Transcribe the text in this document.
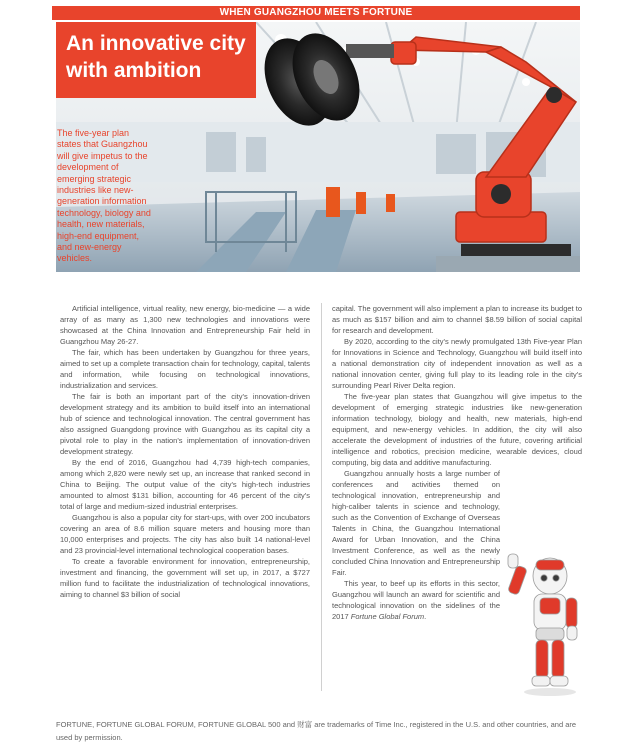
WHEN GUANGZHOU MEETS FORTUNE
An innovative city
with ambition
The five-year plan states that Guangzhou will give impetus to the development of emerging strategic industries like new-generation information technology, biology and health, new materials, high-end equipment, and new-energy vehicles.

Artificial intelligence, virtual reality, new energy, bio-medicine — a wide array of as many as 1,300 new technologies and innovations were showcased at the China Innovation and Entrepreneurship Fair held in Guangzhou May 26-27.

The fair, which has been undertaken by Guangzhou for three years, aimed to set up a complete transaction chain for technology, capital, talents and information, while focusing on technological innovations, industrialization and services.

The fair is both an important part of the city's innovation-driven development strategy and its ambition to build itself into an international hub of science and technological innovation. The central government has also assigned Guangdong province with Guangzhou as its capital city a pivotal role to play in the nation's implementation of innovation-driven development strategy.

By the end of 2016, Guangzhou had 4,739 high-tech companies, among which 2,820 were newly set up, an increase that ranked second in China to Beijing. The output value of the city's high-tech industries amounted to almost $131 billion, accounting for 46 percent of the city's total of large and medium-sized industrial enterprises.

Guangzhou is also a popular city for start-ups, with over 200 incubators covering an area of 8.6 million square meters and housing more than 10,000 enterprises and projects. The city has also built 14 national-level and 23 provincial-level international technological cooperation bases.

To create a favorable environment for innovation, entrepreneurship, investment and financing, the government will set up, in 2017, a $727 million fund to facilitate the industrialization of technological innovations, aiming to channel $3 billion of social

capital. The government will also implement a plan to increase its budget to as much as $157 billion and aim to channel $8.59 billion of social capital for research and development.

By 2020, according to the city's newly promulgated 13th Five-year Plan for Innovations in Science and Technology, Guangzhou will build itself into a national demonstration city of independent innovation as well as a national innovation center, giving full play to its leading role in the city's surrounding Pearl River Delta region.

The five-year plan states that Guangzhou will give impetus to the development of emerging strategic industries like new-generation information technology, biology and health, new materials, high-end equipment, and new-energy vehicles. In addition, the city will also accelerate the development of industries of the future, covering artificial intelligence and robotics, precision medicine, wearable devices, cloud computing, big data and additive manufacturing.

Guangzhou annually hosts a large number of conferences and activities themed on technological innovation, entrepreneurship and high-caliber talents in science and technology, such as the Convention of Exchange of Overseas Talents in China, the Guangzhou International Award for Urban Innovation, and the China Investment Conference, as well as the newly concluded China Innovation and Entrepreneurship Fair.

This year, to beef up its efforts in this sector, Guangzhou will launch an award for scientific and technological innovation on the sidelines of the 2017 Fortune Global Forum.

FORTUNE, FORTUNE GLOBAL FORUM, FORTUNE GLOBAL 500 and 财富 are trademarks of Time Inc., registered in the U.S. and other countries, and are used by permission.
